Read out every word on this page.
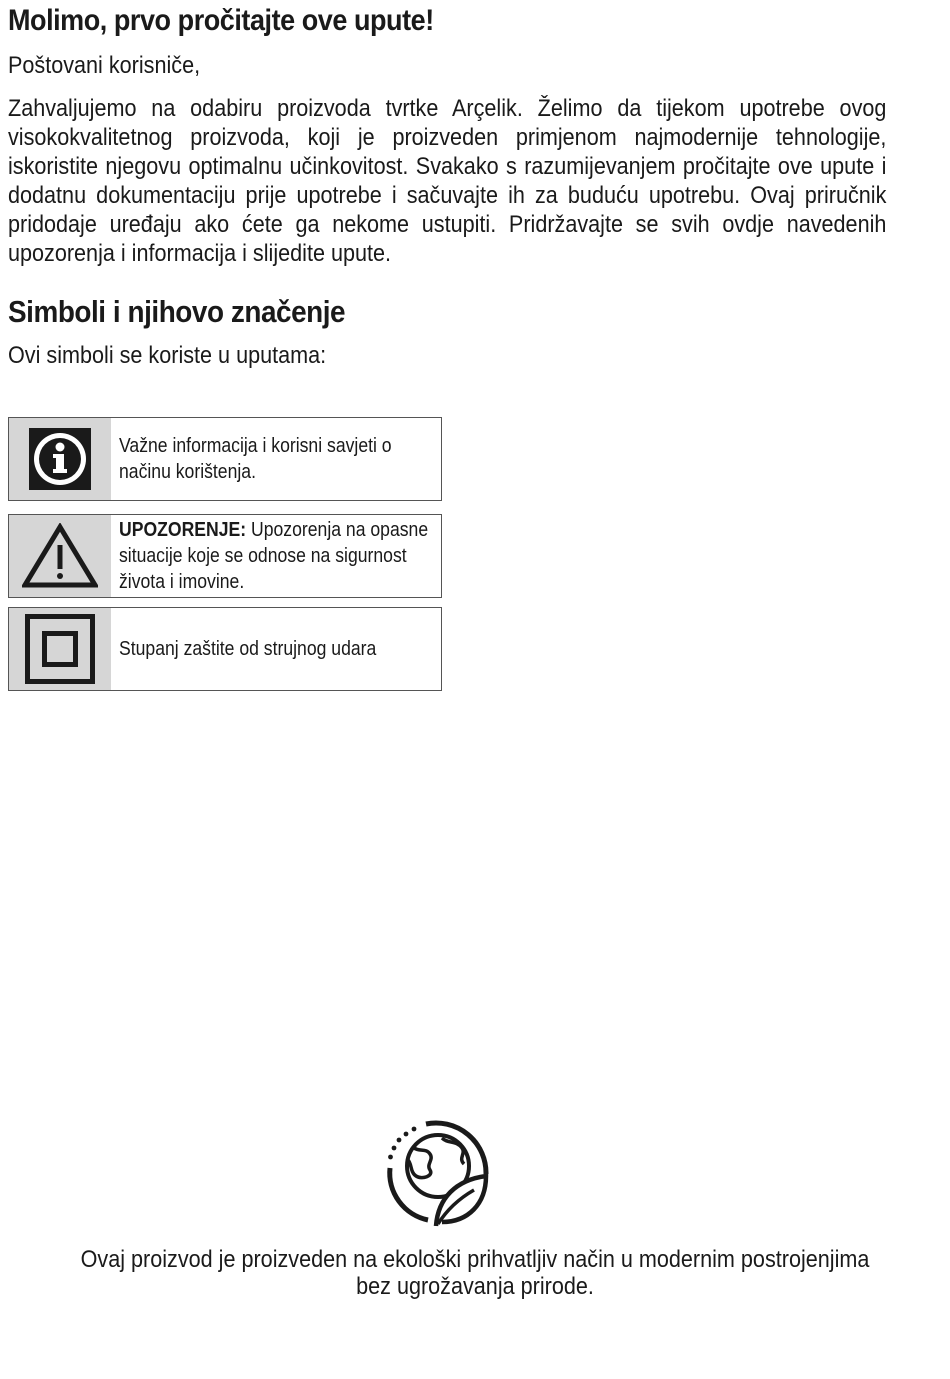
Molimo, prvo pročitajte ove upute!
Poštovani korisniče,

Zahvaljujemo na odabiru proizvoda tvrtke Arçelik. Želimo da tijekom upotrebe ovog visokokvalitetnog proizvoda, koji je proizveden primjenom najmodernije tehnologije, iskoristite njegovu optimalnu učinkovitost. Svakako s razumijevanjem pročitajte ove upute i dodatnu dokumentaciju prije upotrebe i sačuvajte ih za buduću upotrebu. Ovaj priručnik pridodaje uređaju ako ćete ga nekome ustupiti. Pridržavajte se svih ovdje navedenih upozorenja i informacija i slijedite upute.

Simboli i njihovo značenje
Ovi simboli se koriste u uputama:
Važne informacija i korisni savjeti o načinu korištenja.
UPOZORENJE: Upozorenja na opasne situacije koje se odnose na sigurnost života i imovine.
Stupanj zaštite od strujnog udara
Ovaj proizvod je proizveden na ekološki prihvatljiv način u modernim postrojenjima bez ugrožavanja prirode.
